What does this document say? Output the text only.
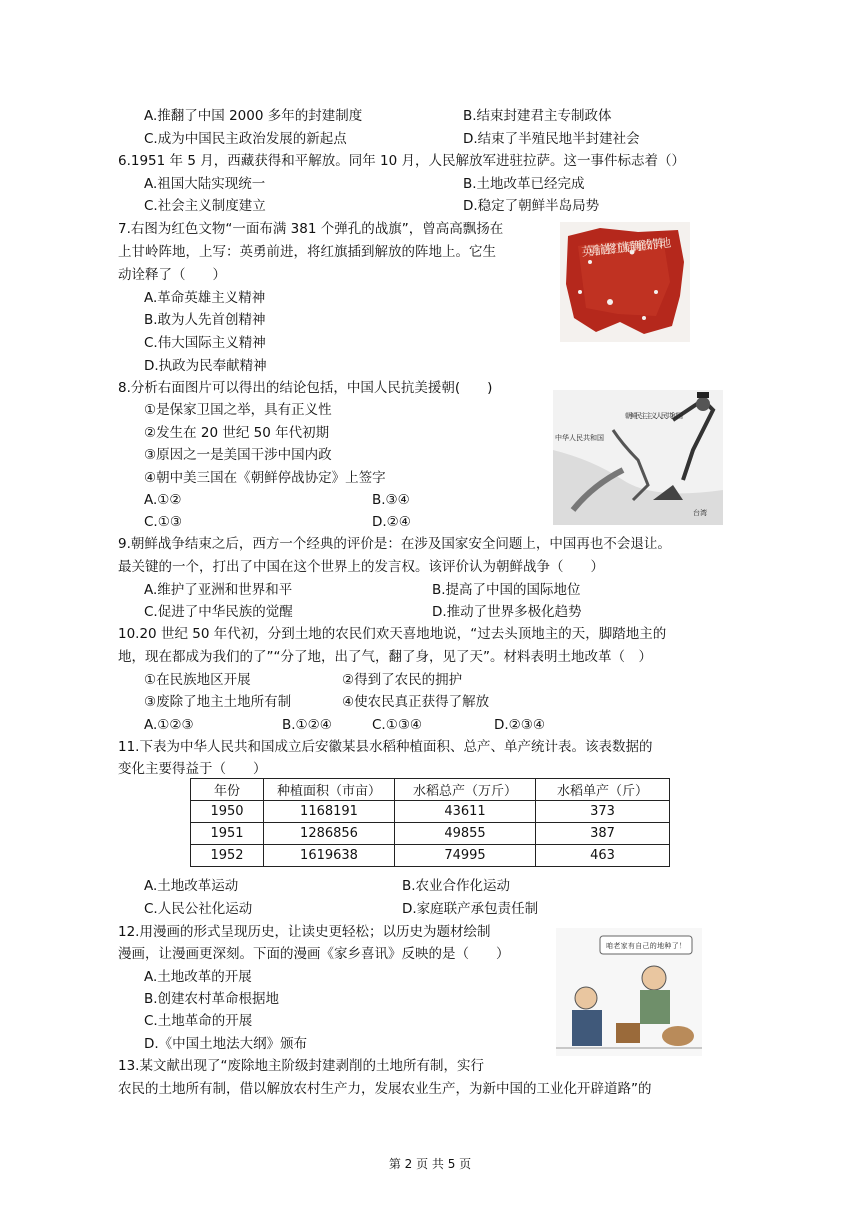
A.推翻了中国 2000 多年的封建制度	B.结束封建君主专制政体
C.成为中国民主政治发展的新起点	D.结束了半殖民地半封建社会
6.1951 年 5 月，西藏获得和平解放。同年 10 月，人民解放军进驻拉萨。这一事件标志着（）
A.祖国大陆实现统一	B.土地改革已经完成
C.社会主义制度建立	D.稳定了朝鲜半岛局势
7.右图为红色文物“一面布满 381 个弹孔的战旗”，曾高高飘扬在
上甘岭阵地，上写：英勇前进，将红旗插到解放的阵地上。它生
动诠释了（　　）
A.革命英雄主义精神
B.敢为人先首创精神
C.伟大国际主义精神
D.执政为民奉献精神
英勇前进 将红旗插到 解放的阵地
8.分析右面图片可以得出的结论包括，中国人民抗美援朝(　　)
①是保家卫国之举，具有正义性
②发生在 20 世纪 50 年代初期
③原因之一是美国干涉中国内政
④朝中美三国在《朝鲜停战协定》上签字
A.①②	B.③④
C.①③	D.②④
中华人民共和国
朝鲜民主主义人民共和国
台湾
9.朝鲜战争结束之后，西方一个经典的评价是：在涉及国家安全问题上，中国再也不会退让。
最关键的一个，打出了中国在这个世界上的发言权。该评价认为朝鲜战争（　　）
A.维护了亚洲和世界和平	B.提高了中国的国际地位
C.促进了中华民族的觉醒	D.推动了世界多极化趋势
10.20 世纪 50 年代初，分到土地的农民们欢天喜地地说，“过去头顶地主的天，脚踏地主的
地，现在都成为我们的了”“分了地，出了气，翻了身，见了天”。材料表明土地改革（　）
①在民族地区开展	②得到了农民的拥护
③废除了地主土地所有制	④使农民真正获得了解放
A.①②③	B.①②④	C.①③④	D.②③④
11.下表为中华人民共和国成立后安徽某县水稻种植面积、总产、单产统计表。该表数据的
变化主要得益于（　　）
年份	种植面积（市亩）	水稻总产（万斤）	水稻单产（斤）
1950	1168191	43611	373
1951	1286856	49855	387
1952	1619638	74995	463
A.土地改革运动	B.农业合作化运动
C.人民公社化运动	D.家庭联产承包责任制
12.用漫画的形式呈现历史，让读史更轻松；以历史为题材绘制
漫画，让漫画更深刻。下面的漫画《家乡喜讯》反映的是（　　）
A.土地改革的开展
B.创建农村革命根据地
C.土地革命的开展
D.《中国土地法大纲》颁布
咱老家有自己的地种了！
13.某文献出现了“废除地主阶级封建剥削的土地所有制，实行
农民的土地所有制，借以解放农村生产力，发展农业生产，为新中国的工业化开辟道路”的
第 2 页 共 5 页
